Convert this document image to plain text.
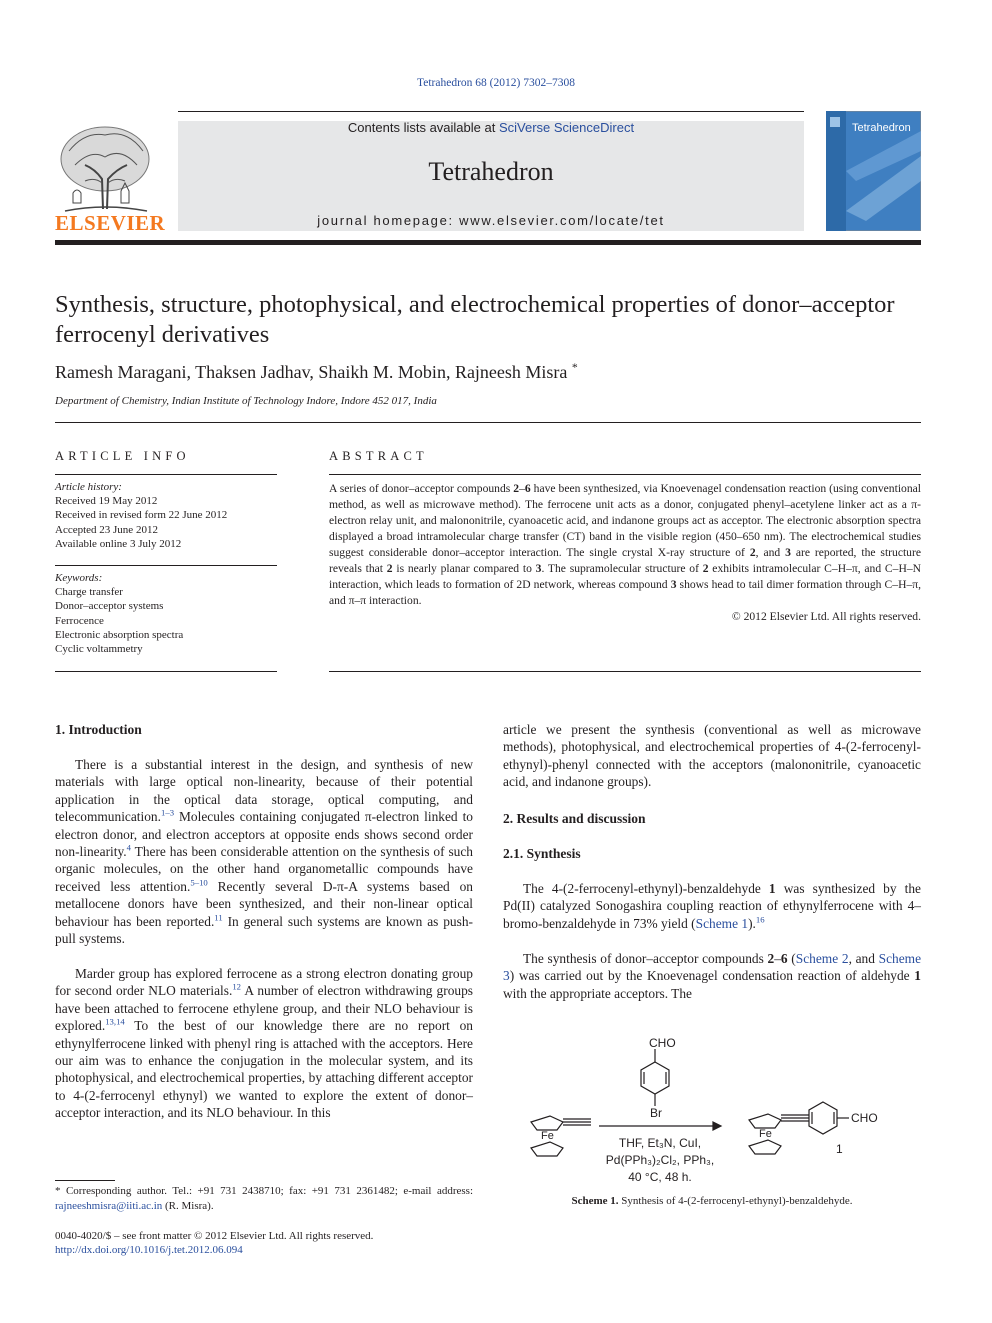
Tetrahedron 68 (2012) 7302–7308
Contents lists available at SciVerse ScienceDirect
Tetrahedron
journal homepage: www.elsevier.com/locate/tet
ELSEVIER
Tetrahedron
Synthesis, structure, photophysical, and electrochemical properties of donor–acceptor ferrocenyl derivatives
Ramesh Maragani, Thaksen Jadhav, Shaikh M. Mobin, Rajneesh Misra *
Department of Chemistry, Indian Institute of Technology Indore, Indore 452 017, India
ARTICLE INFO
Article history:
Received 19 May 2012
Received in revised form 22 June 2012
Accepted 23 June 2012
Available online 3 July 2012
Keywords:
Charge transfer
Donor–acceptor systems
Ferrocence
Electronic absorption spectra
Cyclic voltammetry
ABSTRACT
A series of donor–acceptor compounds 2–6 have been synthesized, via Knoevenagel condensation reaction (using conventional method, as well as microwave method). The ferrocene unit acts as a donor, conjugated phenyl–acetylene linker act as a π-electron relay unit, and malononitrile, cyanoacetic acid, and indanone groups act as acceptor. The electronic absorption spectra displayed a broad intramolecular charge transfer (CT) band in the visible region (450–650 nm). The electrochemical studies suggest considerable donor–acceptor interaction. The single crystal X-ray structure of 2, and 3 are reported, the structure reveals that 2 is nearly planar compared to 3. The supramolecular structure of 2 exhibits intramolecular C–H–π, and C–H–N interaction, which leads to formation of 2D network, whereas compound 3 shows head to tail dimer formation through C–H–π, and π–π interaction.
© 2012 Elsevier Ltd. All rights reserved.
1. Introduction
There is a substantial interest in the design, and synthesis of new materials with large optical non-linearity, because of their potential application in the optical data storage, optical computing, and telecommunication.$^{1-3}$ Molecules containing conjugated π-electron linked to electron donor, and electron acceptors at opposite ends shows second order non-linearity.$^4$ There has been considerable attention on the synthesis of such organic molecules, on the other hand organometallic compounds have received less attention.$^{5-10}$ Recently several D-π-A systems based on metallocene donors have been synthesized, and their non-linear optical behaviour has been reported.$^{11}$ In general such systems are known as push-pull systems.
Marder group has explored ferrocene as a strong electron donating group for second order NLO materials.$^{12}$ A number of electron withdrawing groups have been attached to ferrocene ethylene group, and their NLO behaviour is explored.$^{13,14}$ To the best of our knowledge there are no report on ethynylferrocene linked with phenyl ring is attached with the acceptors. Here our aim was to enhance the conjugation in the molecular system, and its photophysical, and electrochemical properties, by attaching different acceptor to 4-(2-ferrocenyl ethynyl) we wanted to explore the extent of donor–acceptor interaction, and its NLO behaviour. In this
article we present the synthesis (conventional as well as microwave methods), photophysical, and electrochemical properties of 4-(2-ferrocenyl-ethynyl)-phenyl connected with the acceptors (malononitrile, cyanoacetic acid, and indanone groups).
2. Results and discussion
2.1. Synthesis
The 4-(2-ferrocenyl-ethynyl)-benzaldehyde 1 was synthesized by the Pd(II) catalyzed Sonogashira coupling reaction of ethynylferrocene with 4–bromo-benzaldehyde in 73% yield (Scheme 1).$^{16}$
The synthesis of donor–acceptor compounds 2–6 (Scheme 2, and Scheme 3) was carried out by the Knoevenagel condensation reaction of aldehyde 1 with the appropriate acceptors. The
CHO
Br
Fe	THF, Et₃N, CuI,
Pd(PPh₃)₂Cl₂, PPh₃,
40 °C, 48 h.
Fe
CHO
1
Scheme 1. Synthesis of 4-(2-ferrocenyl-ethynyl)-benzaldehyde.
* Corresponding author. Tel.: +91 731 2438710; fax: +91 731 2361482; e-mail address: rajneeshmisra@iiti.ac.in (R. Misra).
0040-4020/$ – see front matter © 2012 Elsevier Ltd. All rights reserved.
http://dx.doi.org/10.1016/j.tet.2012.06.094
